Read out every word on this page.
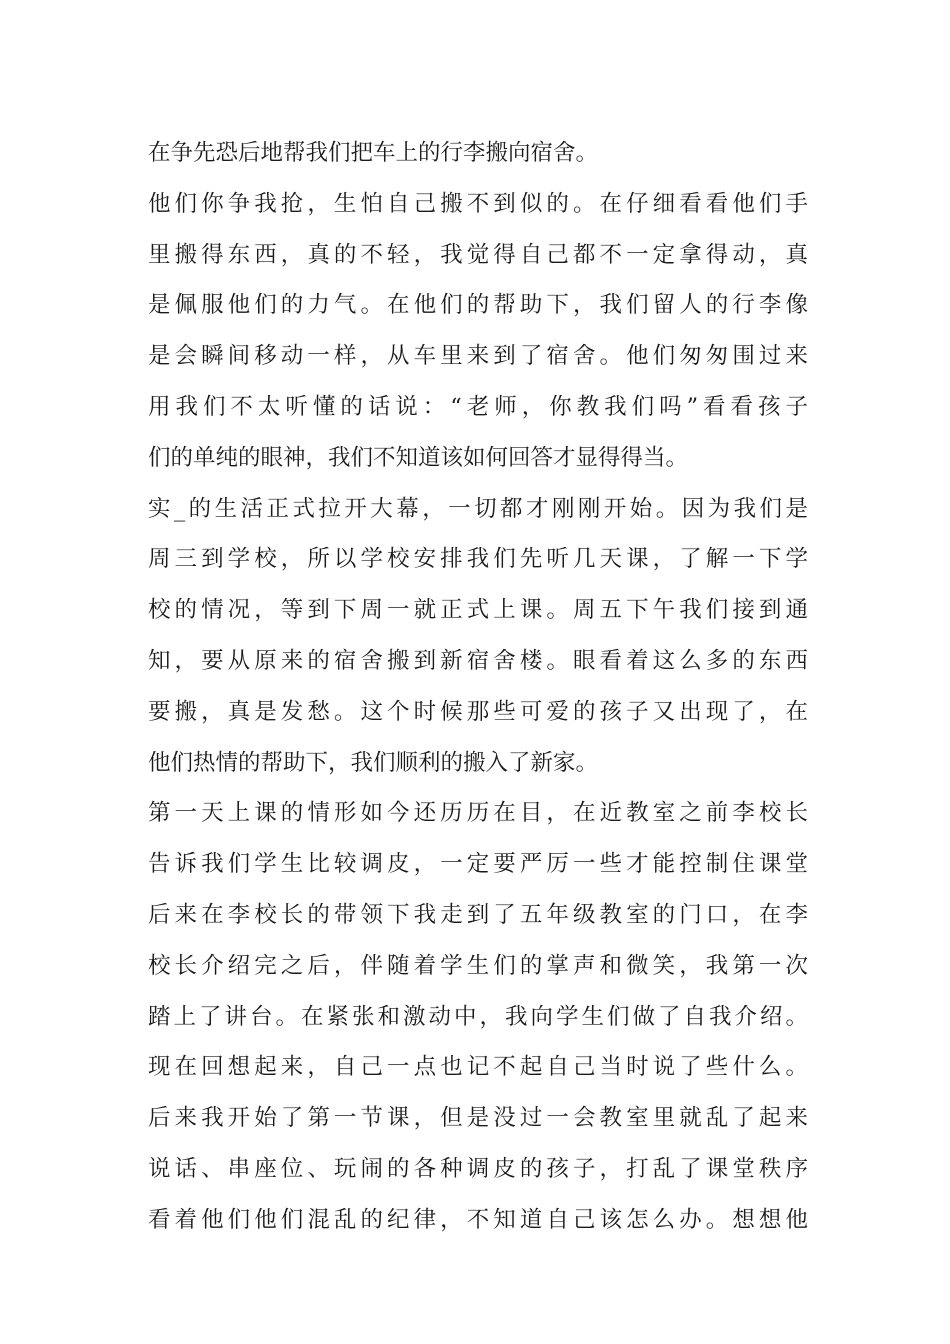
在争先恐后地帮我们把车上的行李搬向宿舍。
他们你争我抢，生怕自己搬不到似的。在仔细看看他们手
里搬得东西，真的不轻，我觉得自己都不一定拿得动，真
是佩服他们的力气。在他们的帮助下，我们留人的行李像
是会瞬间移动一样，从车里来到了宿舍。他们匆匆围过来
用我们不太听懂的话说：“老师，你教我们吗”看看孩子
们的单纯的眼神，我们不知道该如何回答才显得得当。
实_的生活正式拉开大幕，一切都才刚刚开始。因为我们是
周三到学校，所以学校安排我们先听几天课，了解一下学
校的情况，等到下周一就正式上课。周五下午我们接到通
知，要从原来的宿舍搬到新宿舍楼。眼看着这么多的东西
要搬，真是发愁。这个时候那些可爱的孩子又出现了，在
他们热情的帮助下，我们顺利的搬入了新家。
第一天上课的情形如今还历历在目，在近教室之前李校长
告诉我们学生比较调皮，一定要严厉一些才能控制住课堂
后来在李校长的带领下我走到了五年级教室的门口，在李
校长介绍完之后，伴随着学生们的掌声和微笑，我第一次
踏上了讲台。在紧张和激动中，我向学生们做了自我介绍。
现在回想起来，自己一点也记不起自己当时说了些什么。
后来我开始了第一节课，但是没过一会教室里就乱了起来
说话、串座位、玩闹的各种调皮的孩子，打乱了课堂秩序
看着他们他们混乱的纪律，不知道自己该怎么办。想想他
